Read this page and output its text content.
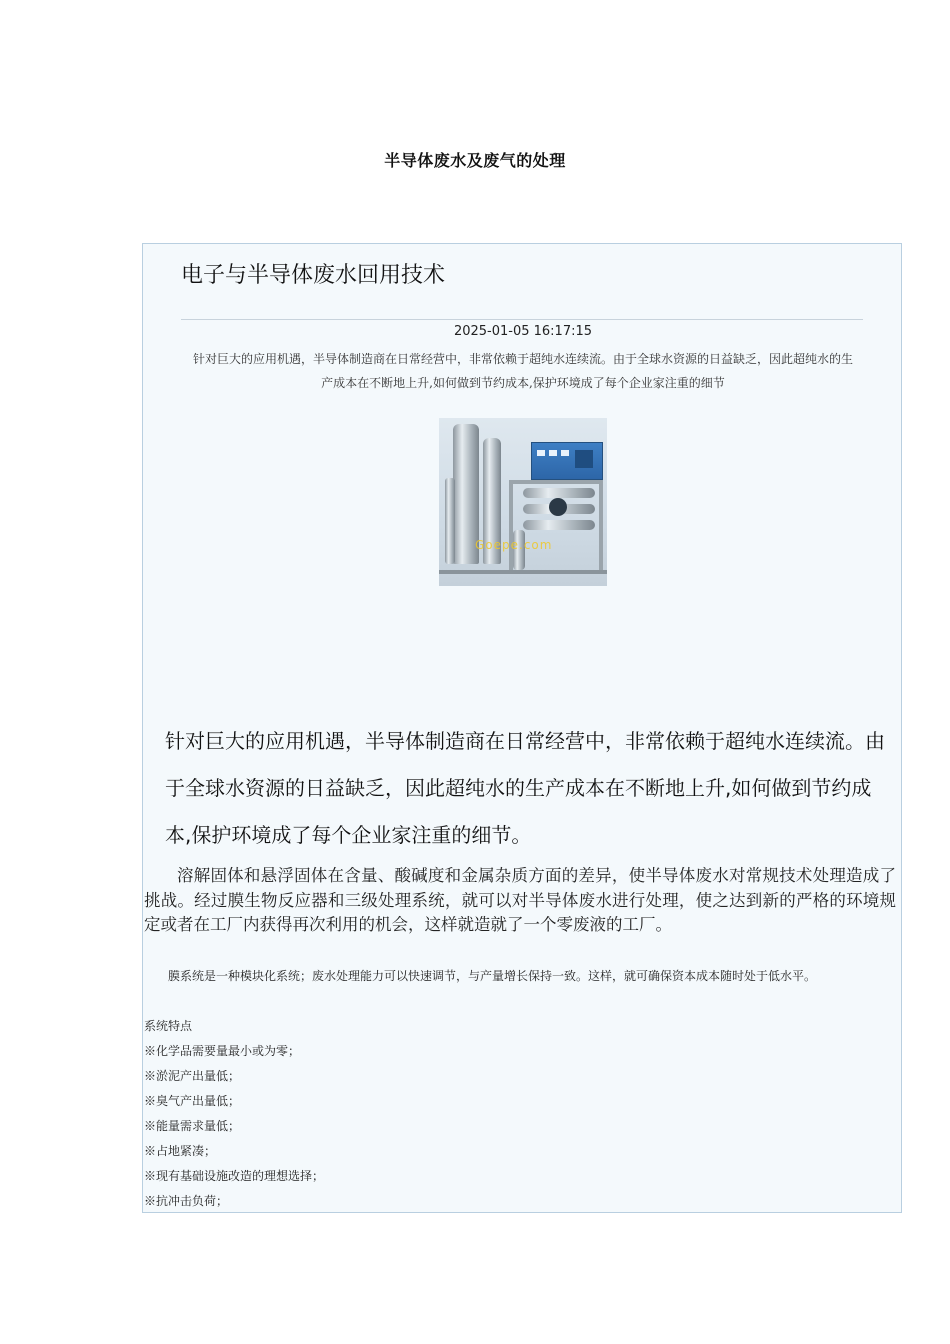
半导体废水及废气的处理
电子与半导体废水回用技术
2025-01-05 16:17:15
针对巨大的应用机遇，半导体制造商在日常经营中，非常依赖于超纯水连续流。由于全球水资源的日益缺乏，因此超纯水的生产成本在不断地上升,如何做到节约成本,保护环境成了每个企业家注重的细节
Goepe.com
针对巨大的应用机遇，半导体制造商在日常经营中，非常依赖于超纯水连续流。由于全球水资源的日益缺乏，因此超纯水的生产成本在不断地上升,如何做到节约成本,保护环境成了每个企业家注重的细节。
溶解固体和悬浮固体在含量、酸碱度和金属杂质方面的差异，使半导体废水对常规技术处理造成了挑战。经过膜生物反应器和三级处理系统，就可以对半导体废水进行处理，使之达到新的严格的环境规定或者在工厂内获得再次利用的机会，这样就造就了一个零废液的工厂。
膜系统是一种模块化系统；废水处理能力可以快速调节，与产量增长保持一致。这样，就可确保资本成本随时处于低水平。
系统特点
※化学品需要量最小或为零；
※淤泥产出量低；
※臭气产出量低；
※能量需求量低；
※占地紧凑；
※现有基础设施改造的理想选择；
※抗冲击负荷；
